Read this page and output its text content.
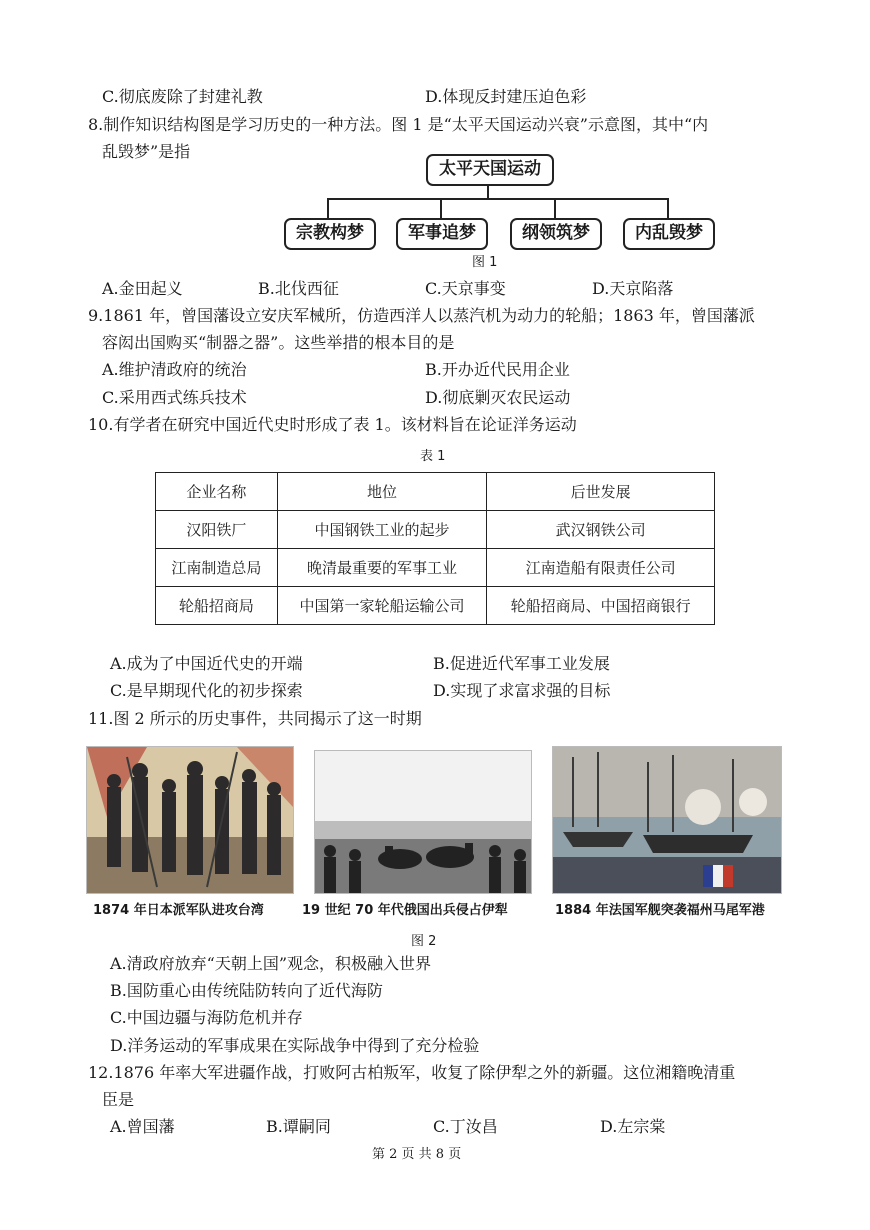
C.彻底废除了封建礼教	D.体现反封建压迫色彩
8.制作知识结构图是学习历史的一种方法。图 1 是“太平天国运动兴衰”示意图，其中“内
乱毁梦”是指
太平天国运动
宗教构梦	军事追梦	纲领筑梦	内乱毁梦
图 1
A.金田起义	B.北伐西征	C.天京事变	D.天京陷落
9.1861 年，曾国藩设立安庆军械所，仿造西洋人以蒸汽机为动力的轮船；1863 年，曾国藩派
容闳出国购买“制器之器”。这些举措的根本目的是
A.维护清政府的统治	B.开办近代民用企业
C.采用西式练兵技术	D.彻底剿灭农民运动
10.有学者在研究中国近代史时形成了表 1。该材料旨在论证洋务运动
表 1
企业名称	地位	后世发展
汉阳铁厂	中国钢铁工业的起步	武汉钢铁公司
江南制造总局	晚清最重要的军事工业	江南造船有限责任公司
轮船招商局	中国第一家轮船运输公司	轮船招商局、中国招商银行
A.成为了中国近代史的开端	B.促进近代军事工业发展
C.是早期现代化的初步探索	D.实现了求富求强的目标
11.图 2 所示的历史事件，共同揭示了这一时期
1874 年日本派军队进攻台湾	19 世纪 70 年代俄国出兵侵占伊犁	1884 年法国军舰突袭福州马尾军港
图 2
A.清政府放弃“天朝上国”观念，积极融入世界
B.国防重心由传统陆防转向了近代海防
C.中国边疆与海防危机并存
D.洋务运动的军事成果在实际战争中得到了充分检验
12.1876 年率大军进疆作战，打败阿古柏叛军，收复了除伊犁之外的新疆。这位湘籍晚清重
臣是
A.曾国藩	B.谭嗣同	C.丁汝昌	D.左宗棠
第 2 页 共 8 页
